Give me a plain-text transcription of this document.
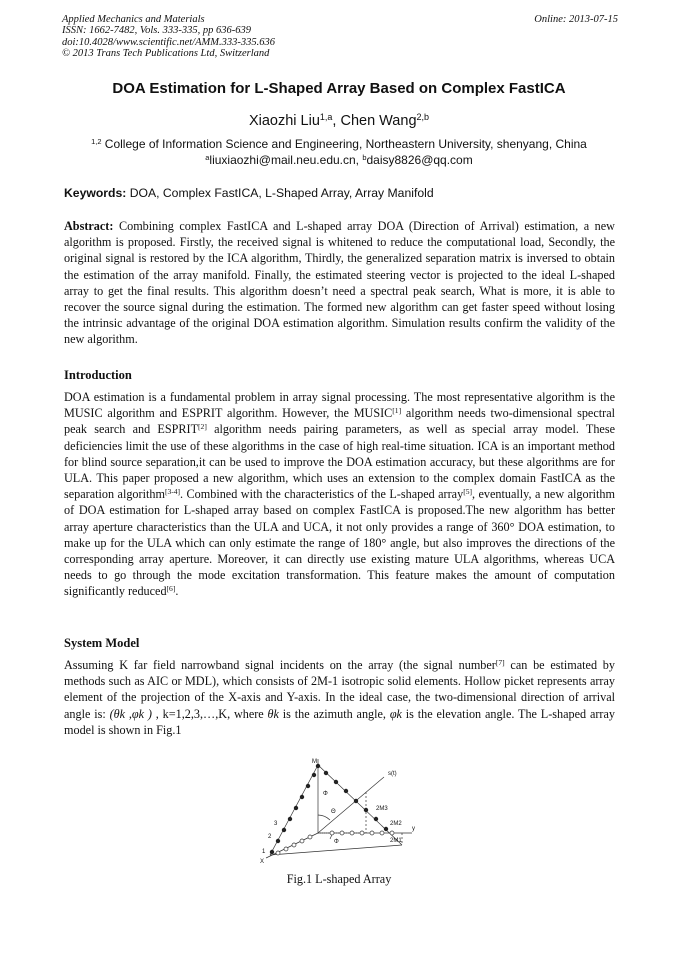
Applied Mechanics and Materials
ISSN: 1662-7482, Vols. 333-335, pp 636-639
doi:10.4028/www.scientific.net/AMM.333-335.636
© 2013 Trans Tech Publications Ltd, Switzerland
Online: 2013-07-15
DOA Estimation for L-Shaped Array Based on Complex FastICA
Xiaozhi Liu$^{1,a}$, Chen Wang$^{2,b}$
$^{1,2}$ College of Information Science and Engineering, Northeastern University, shenyang, China
$^a$liuxiaozhi@mail.neu.edu.cn, $^b$daisy8826@qq.com
Keywords: DOA, Complex FastICA, L-Shaped Array, Array Manifold
Abstract: Combining complex FastICA and L-shaped array DOA (Direction of Arrival) estimation, a new algorithm is proposed. Firstly, the received signal is whitened to reduce the computational load, Secondly, the original signal is restored by the ICA algorithm, Thirdly, the generalized separation matrix is inversed to obtain the estimation of the array manifold. Finally, the estimated steering vector is projected to the ideal L-shaped array to get the final results. This algorithm doesn’t need a spectral peak search, What is more, it is able to recover the source signal during the estimation. The formed new algorithm can get faster speed without losing the intrinsic advantage of the original DOA estimation algorithm. Simulation results confirm the validity of the new algorithm.
Introduction
DOA estimation is a fundamental problem in array signal processing. The most representative algorithm is the MUSIC algorithm and ESPRIT algorithm. However, the MUSIC[1] algorithm needs two-dimensional spectral peak search and ESPRIT[2] algorithm needs pairing parameters, as well as special array model. These deficiencies limit the use of these algorithms in the case of high real-time situation. ICA is an important method for blind source separation,it can be used to improve the DOA estimation accuracy, but these algorithms are for ULA. This paper proposed a new algorithm, which uses an extension to the complex domain FastICA as the separation algorithm[3-4]. Combined with the characteristics of the L-shaped array[5], eventually, a new algorithm of DOA estimation for L-shaped array based on complex FastICA is proposed.The new algorithm has better array aperture characteristics than the ULA and UCA, it not only provides a range of 360° DOA estimation, to make up for the ULA which can only estimate the range of 180° angle, but also improves the directions of the corresponding array aperture. Moreover, it can directly use existing mature ULA algorithms, whereas UCA needs to go through the mode excitation transformation. This feature makes the amount of computation significantly reduced[6].
System Model
Assuming K far field narrowband signal incidents on the array (the signal number[7] can be estimated by methods such as AIC or MDL), which consists of 2M-1 isotropic solid elements. Hollow picket represents array element of the projection of the X-axis and Y-axis. In the ideal case, the two-dimensional direction of arrival angle is: (θk ,φk ) , k=1,2,3,…,K, where θk is the azimuth angle, φk is the elevation angle. The L-shaped array model is shown in Fig.1
M
s(t)
Φ
Θ
Φ
2M3
2M2
2M1
y
3
2
1
X
Fig.1 L-shaped Array
